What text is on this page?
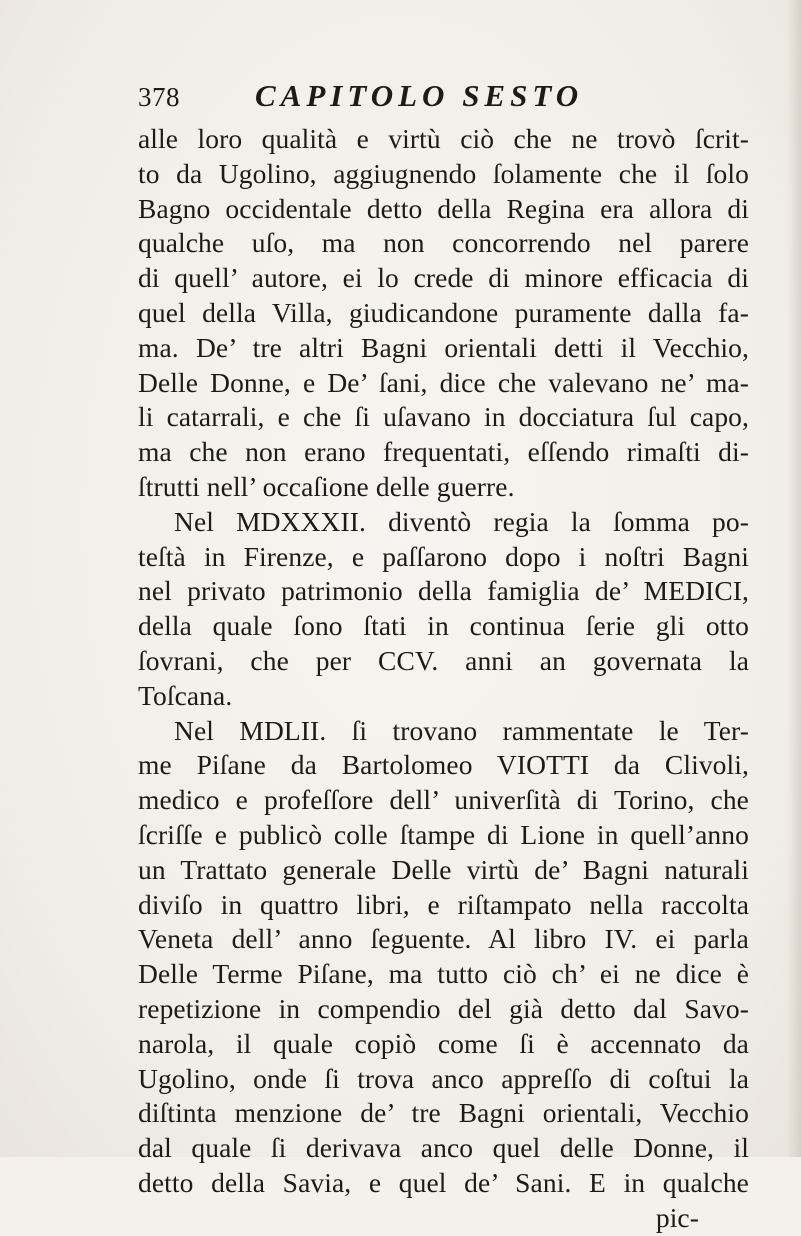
378 CAPITOLO SESTO
alle loro qualità e virtù ciò che ne trovò ſcrit-
to da Ugolino, aggiugnendo ſolamente che il ſolo
Bagno occidentale detto della Regina era allora di
qualche uſo, ma non concorrendo nel parere
di quell’ autore, ei lo crede di minore efficacia di
quel della Villa, giudicandone puramente dalla fa-
ma. De’ tre altri Bagni orientali detti il Vecchio,
Delle Donne, e De’ ſani, dice che valevano ne’ ma-
li catarrali, e che ſi uſavano in docciatura ſul capo,
ma che non erano frequentati, eſſendo rimaſti di-
ſtrutti nell’ occaſione delle guerre.
Nel MDXXXII. diventò regia la ſomma po-
teſtà in Firenze, e paſſarono dopo i noſtri Bagni
nel privato patrimonio della famiglia de’ MEDICI,
della quale ſono ſtati in continua ſerie gli otto
ſovrani, che per CCV. anni an governata la
Toſcana.
Nel MDLII. ſi trovano rammentate le Ter-
me Piſane da Bartolomeo VIOTTI da Clivoli,
medico e profeſſore dell’ univerſità di Torino, che
ſcriſſe e publicò colle ſtampe di Lione in quell’anno
un Trattato generale Delle virtù de’ Bagni naturali
diviſo in quattro libri, e riſtampato nella raccolta
Veneta dell’ anno ſeguente. Al libro IV. ei parla
Delle Terme Piſane, ma tutto ciò ch’ ei ne dice è
repetizione in compendio del già detto dal Savo-
narola, il quale copiò come ſi è accennato da
Ugolino, onde ſi trova anco appreſſo di coſtui la
diſtinta menzione de’ tre Bagni orientali, Vecchio
dal quale ſi derivava anco quel delle Donne, il
detto della Savia, e quel de’ Sani. E in qualche
pic-
